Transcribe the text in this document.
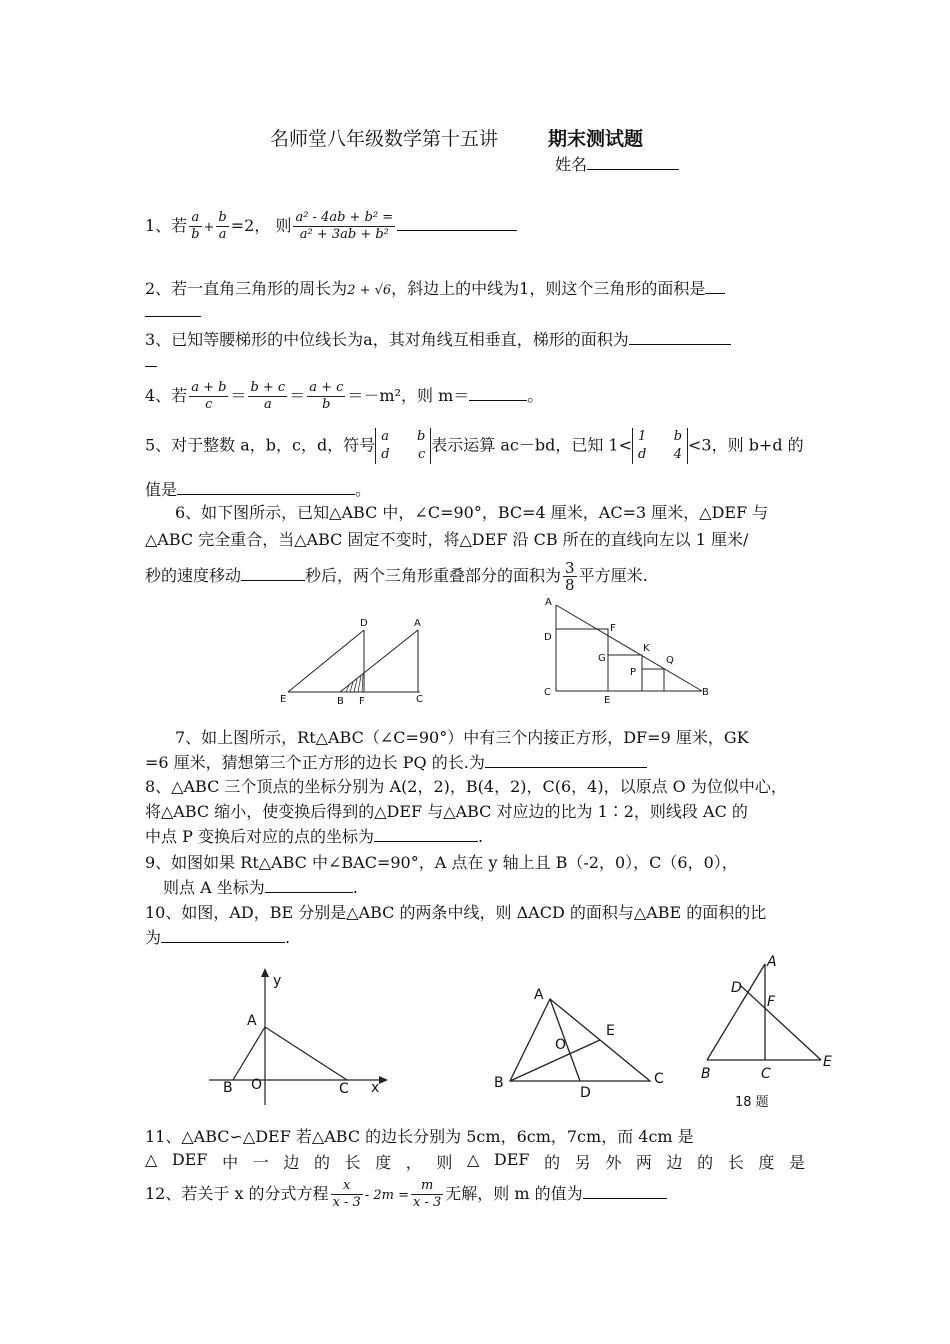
名师堂八年级数学第十五讲	期末测试题
姓名
1、若 $\frac{a}{b} + \frac{b}{a} =2$， 则 $\frac{\text{a² - 4ab + b² =}}{\text{a² + 3ab + b²}}$
2、若一直角三角形的周长为2 + √6，斜边上的中线为1，则这个三角形的面积是
3、已知等腰梯形的中位线长为a，其对角线互相垂直，梯形的面积为
4、若 $\frac{a + b}{c} = \frac{b + c}{a} = \frac{a + c}{b} =-m^2$，则 m＝	。
5、对于整数 a，b，c，d，符号 a b
d c 表示运算 ac－bd，已知 1< 1 b
d 4 <3，则 b+d 的
值是	。
6、如下图所示，已知△ABC 中，∠C=90°，BC=4 厘米，AC=3 厘米，△DEF 与
△ABC 完全重合，当△ABC 固定不变时，将△DEF 沿 CB 所在的直线向左以 1 厘米/
秒的速度移动	秒后，两个三角形重叠部分的面积为 $\frac{3}{8}$ 平方厘米.
D	A
E	B F	C
A
D
F
G
K
Q
P
C
E
B
7、如上图所示，Rt△ABC（∠C=90°）中有三个内接正方形，DF=9 厘米，GK
=6 厘米，猜想第三个正方形的边长 PQ 的长.为
8、△ABC 三个顶点的坐标分别为 A(2，2)，B(4，2)，C(6，4)，以原点 O 为位似中心，
将△ABC 缩小，使变换后得到的△DEF 与△ABC 对应边的比为 1∶2，则线段 AC 的
中点 P 变换后对应的点的坐标为	.
9、如图如果 Rt△ABC 中∠BAC=90°，A 点在 y 轴上且 B（-2，0），C（6，0），
则点 A 坐标为	.
10、如图，AD，BE 分别是△ABC 的两条中线，则 ΔACD 的面积与△ABE 的面积的比
为	.
y
A
B O	C x
A
E
O
B
D
C
A
D
F
B	C
E
18 题
11、△ABC∽△DEF 若△ABC 的边长分别为 5cm，6cm，7cm，而 4cm 是
△ DEF 中 一 边 的 长 度 ， 则 △ DEF 的 另 外 两 边 的 长 度 是
12、若关于 x 的分式方程 $\frac{x}{x - 3} - 2m = \frac{m}{x - 3}$ 无解，则 m 的值为
